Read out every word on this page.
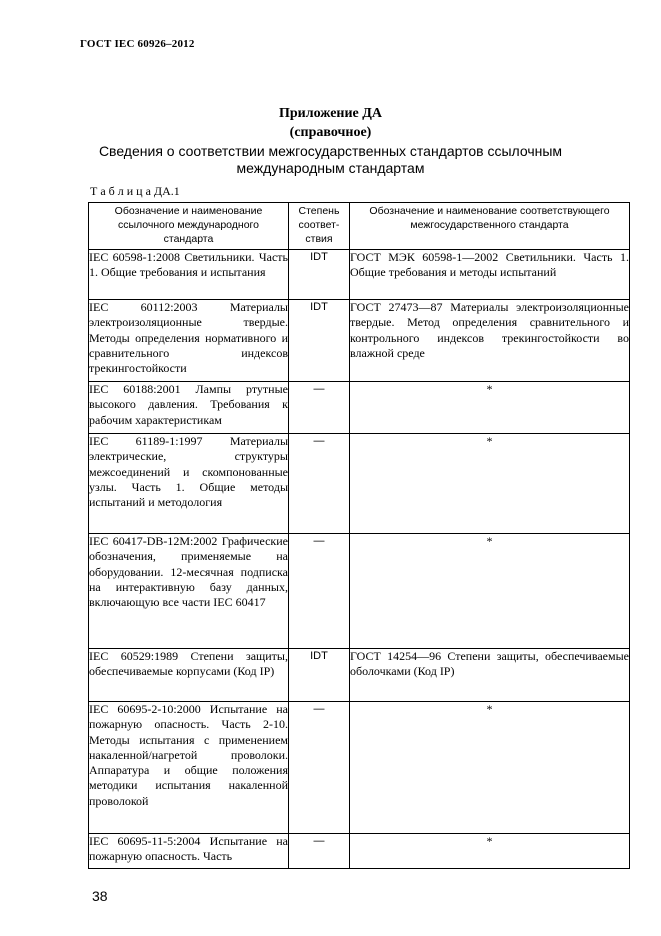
ГОСТ IEC 60926–2012
Приложение ДА
(справочное)
Сведения о соответствии межгосударственных стандартов ссылочным
международным стандартам
Т а б л и ц а ДА.1
Обозначение и наименование ссылочного международного стандарта	Степень соответ-ствия	Обозначение и наименование соответствующего межгосударственного стандарта
IEC 60598-1:2008 Светильники. Часть 1. Общие требования и испытания	IDT	ГОСТ МЭК 60598-1—2002 Светильники. Часть 1. Общие требования и методы испытаний
IEC 60112:2003 Материалы электроизоляционные твердые. Методы определения нормативного и сравнительного индексов трекингостойкости	IDT	ГОСТ 27473—87 Материалы электроизоляционные твердые. Метод определения сравнительного и контрольного индексов трекингостойкости во влажной среде
IEC 60188:2001 Лампы ртутные высокого давления. Требования к рабочим характеристикам	—	*
IEC 61189-1:1997 Материалы электрические, структуры межсоединений и скомпонованные узлы. Часть 1. Общие методы испытаний и методология	—	*
IEC 60417-DB-12M:2002 Графические обозначения, применяемые на оборудовании. 12-месячная подписка на интерактивную базу данных, включающую все части IEC 60417	—	*
IEC 60529:1989 Степени защиты, обеспечиваемые корпусами (Код IP)	IDT	ГОСТ 14254—96 Степени защиты, обеспечиваемые оболочками (Код IP)
IEC 60695-2-10:2000 Испытание на пожарную опасность. Часть 2-10. Методы испытания с применением накаленной/нагретой проволоки. Аппаратура и общие положения методики испытания накаленной проволокой	—	*
IEC 60695-11-5:2004 Испытание на пожарную опасность. Часть	—	*
38
